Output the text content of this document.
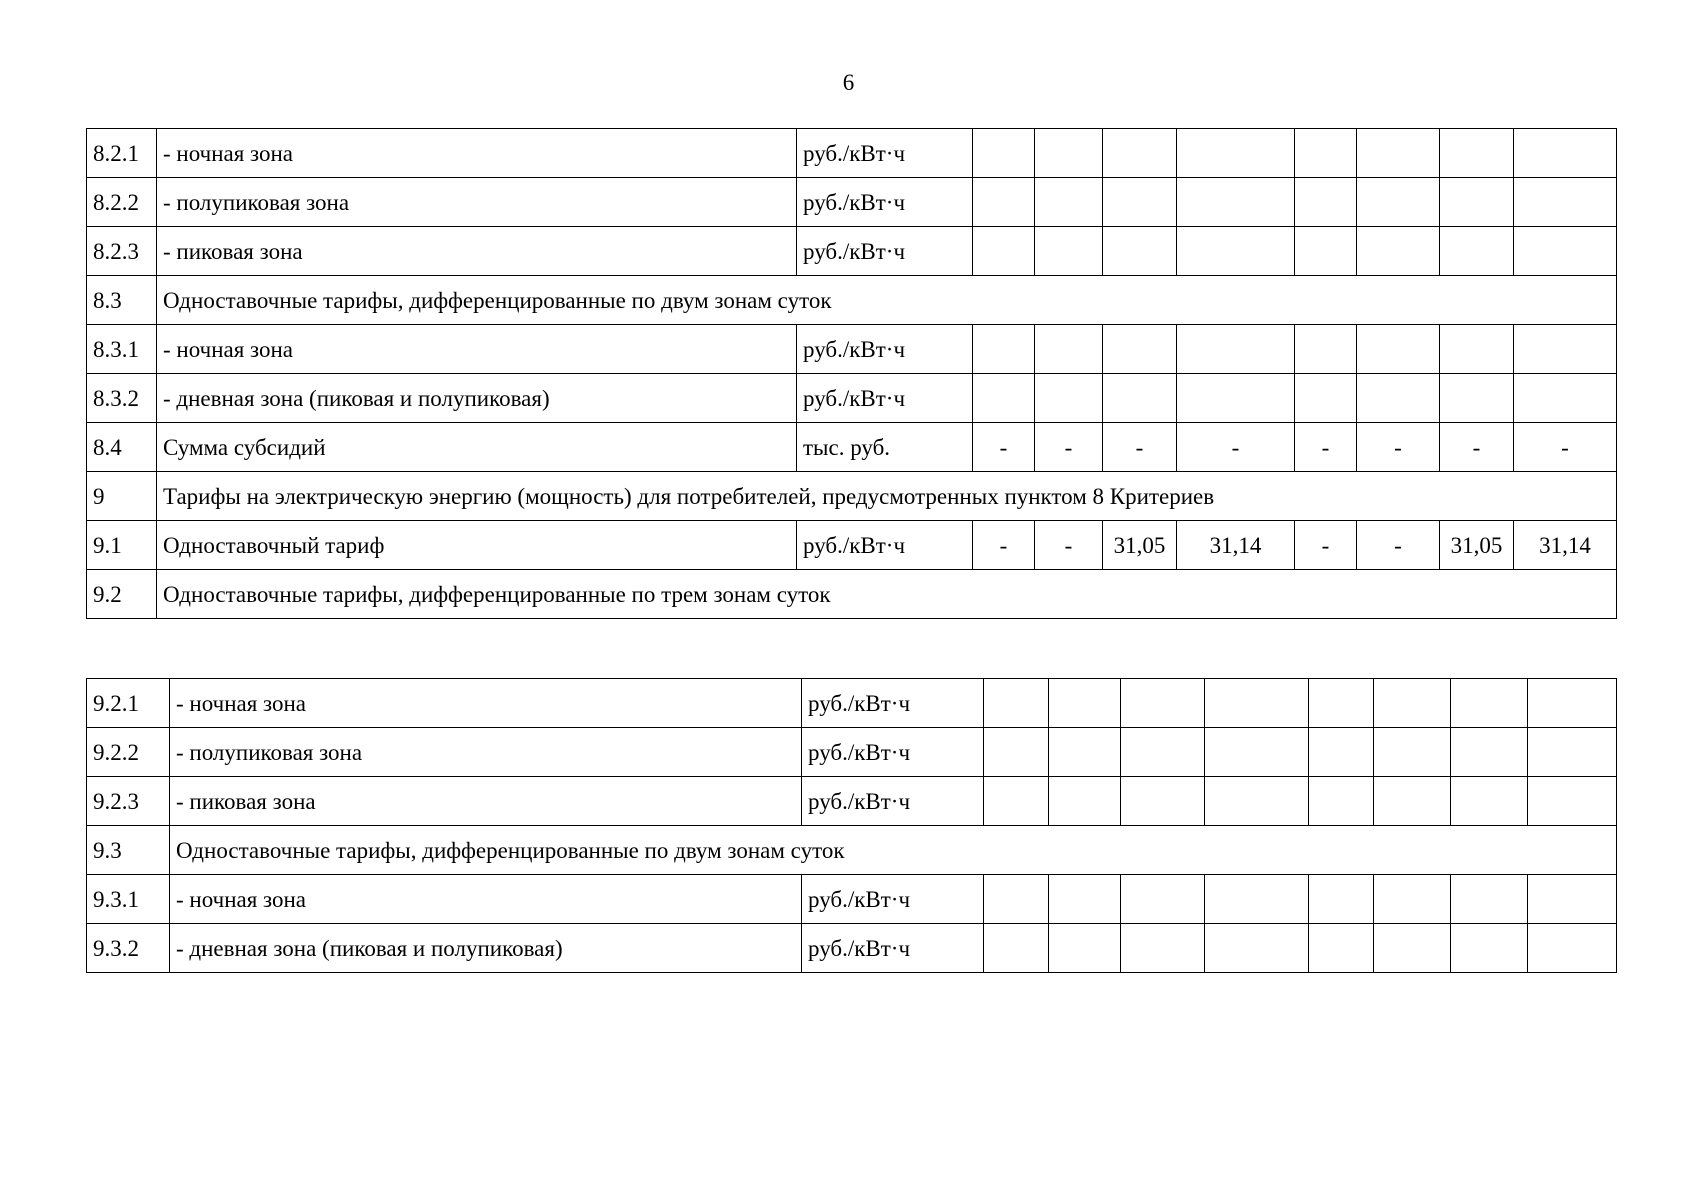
6
8.2.1	- ночная зона	руб./кВт·ч								
8.2.2	- полупиковая зона	руб./кВт·ч								
8.2.3	- пиковая зона	руб./кВт·ч								
8.3	Одноставочные тарифы, дифференцированные по двум зонам суток									
8.3.1	- ночная зона	руб./кВт·ч								
8.3.2	- дневная зона (пиковая и полупиковая)	руб./кВт·ч								
8.4	Сумма субсидий	тыс. руб.	-	-	-	-	-	-	-	-
9	Тарифы на электрическую энергию (мощность) для потребителей, предусмотренных пунктом 8 Критериев									
9.1	Одноставочный тариф	руб./кВт·ч	-	-	31,05	31,14	-	-	31,05	31,14
9.2	Одноставочные тарифы, дифференцированные по трем зонам суток									
9.2.1	- ночная зона	руб./кВт·ч								
9.2.2	- полупиковая зона	руб./кВт·ч								
9.2.3	- пиковая зона	руб./кВт·ч								
9.3	Одноставочные тарифы, дифференцированные по двум зонам суток									
9.3.1	- ночная зона	руб./кВт·ч								
9.3.2	- дневная зона (пиковая и полупиковая)	руб./кВт·ч								
